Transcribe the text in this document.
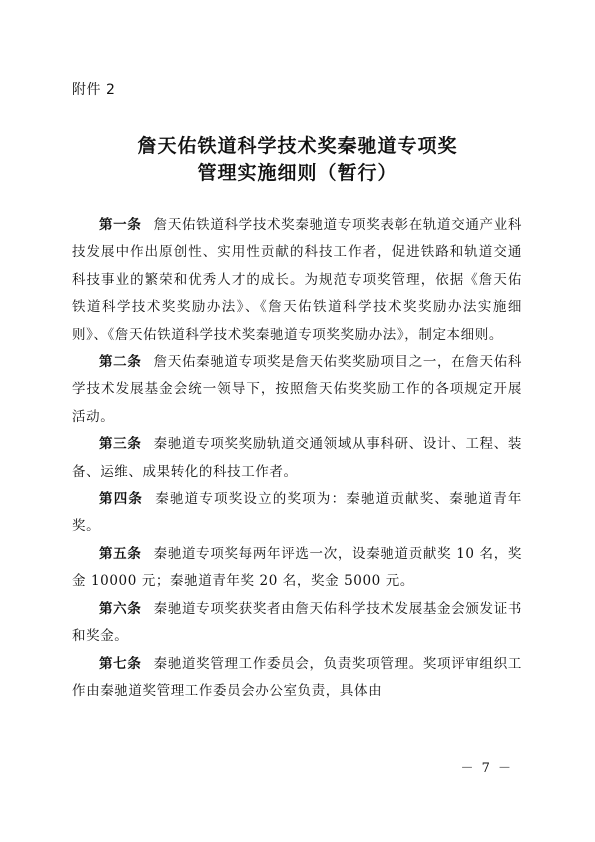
附件 2
詹天佑铁道科学技术奖秦驰道专项奖
管理实施细则（暂行）

第一条 詹天佑铁道科学技术奖秦驰道专项奖表彰在轨道交通产业科技发展中作出原创性、实用性贡献的科技工作者，促进铁路和轨道交通科技事业的繁荣和优秀人才的成长。为规范专项奖管理，依据《詹天佑铁道科学技术奖奖励办法》、《詹天佑铁道科学技术奖奖励办法实施细则》、《詹天佑铁道科学技术奖秦驰道专项奖奖励办法》，制定本细则。

第二条 詹天佑秦驰道专项奖是詹天佑奖奖励项目之一，在詹天佑科学技术发展基金会统一领导下，按照詹天佑奖奖励工作的各项规定开展活动。

第三条 秦驰道专项奖奖励轨道交通领域从事科研、设计、工程、装备、运维、成果转化的科技工作者。

第四条 秦驰道专项奖设立的奖项为：秦驰道贡献奖、秦驰道青年奖。

第五条 秦驰道专项奖每两年评选一次，设秦驰道贡献奖 10 名，奖金 10000 元；秦驰道青年奖 20 名，奖金 5000 元。

第六条 秦驰道专项奖获奖者由詹天佑科学技术发展基金会颁发证书和奖金。

第七条 秦驰道奖管理工作委员会，负责奖项管理。奖项评审组织工作由秦驰道奖管理工作委员会办公室负责，具体由

－ 7 －
